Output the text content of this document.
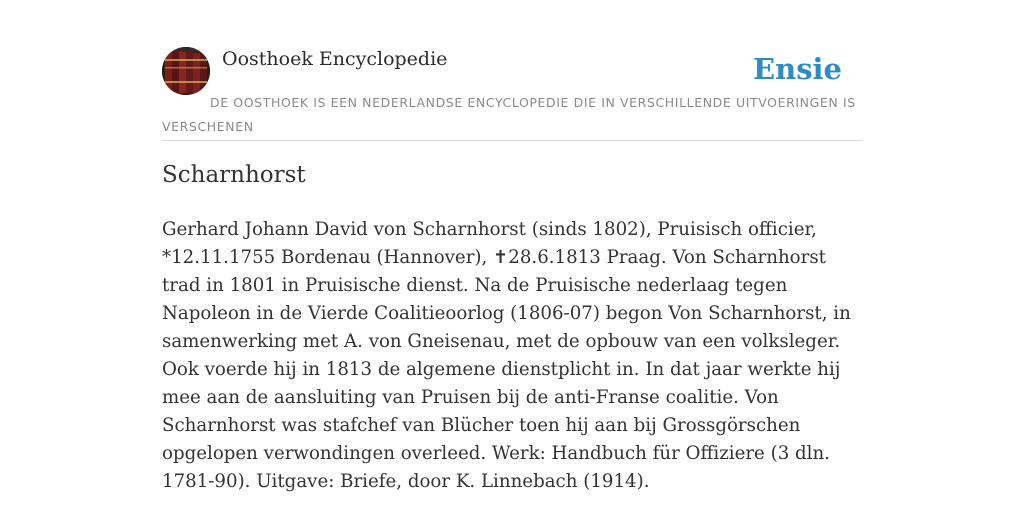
Oosthoek Encyclopedie	Ensie
DE OOSTHOEK IS EEN NEDERLANDSE ENCYCLOPEDIE DIE IN VERSCHILLENDE UITVOERINGEN IS VERSCHENEN
Scharnhorst

Gerhard Johann David von Scharnhorst (sinds 1802), Pruisisch officier, *12.11.1755 Bordenau (Hannover), ✝28.6.1813 Praag. Von Scharnhorst trad in 1801 in Pruisische dienst. Na de Pruisische nederlaag tegen Napoleon in de Vierde Coalitieoorlog (1806-07) begon Von Scharnhorst, in samenwerking met A. von Gneisenau, met de opbouw van een volksleger. Ook voerde hij in 1813 de algemene dienstplicht in. In dat jaar werkte hij mee aan de aansluiting van Pruisen bij de anti-Franse coalitie. Von Scharnhorst was stafchef van Blücher toen hij aan bij Grossgörschen opgelopen verwondingen overleed. Werk: Handbuch für Offiziere (3 dln. 1781-90). Uitgave: Briefe, door K. Linnebach (1914).
